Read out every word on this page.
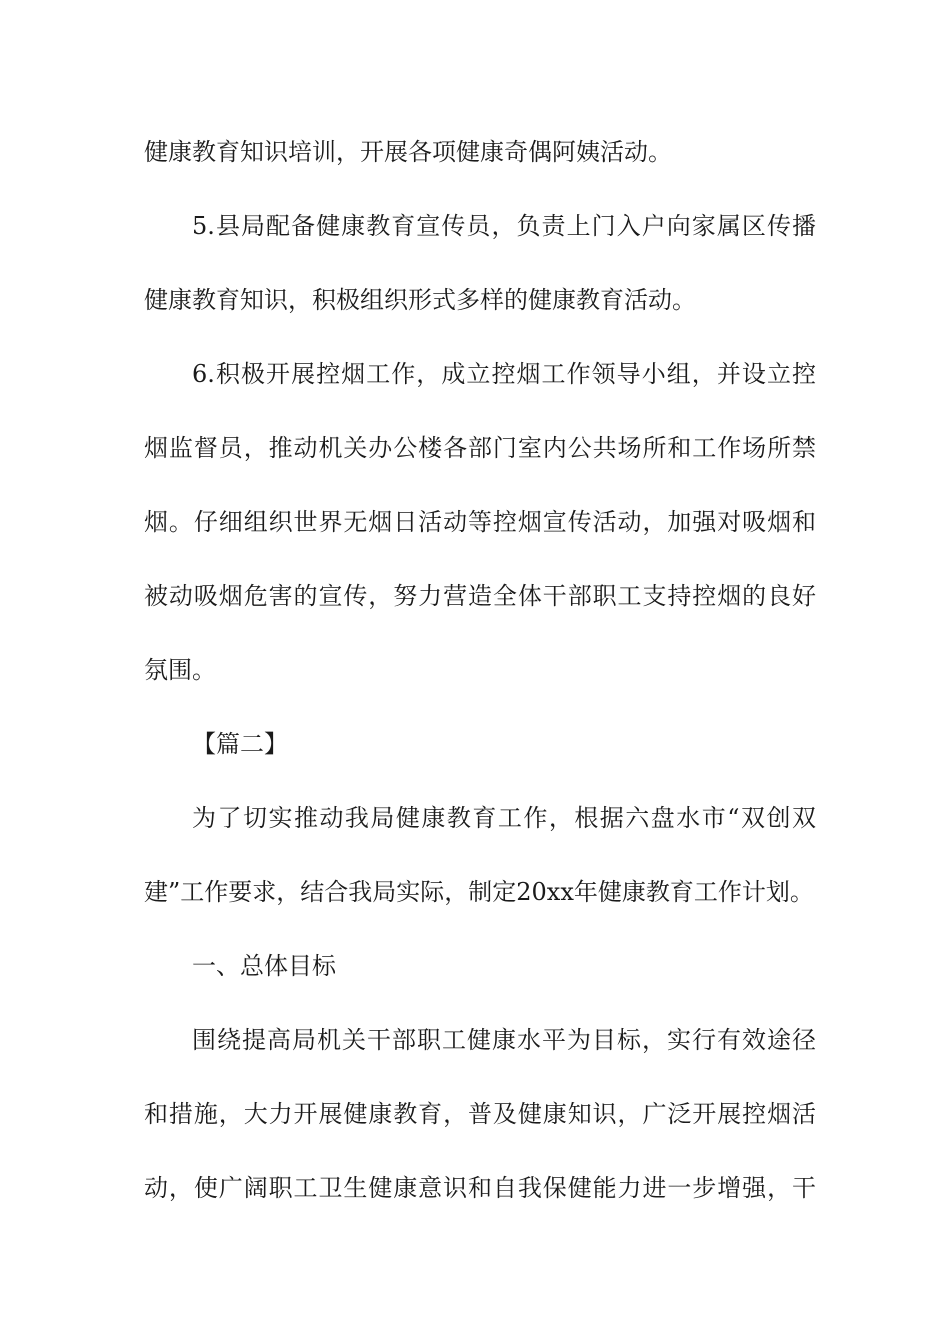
健康教育知识培训，开展各项健康奇偶阿姨活动。
5.县局配备健康教育宣传员，负责上门入户向家属区传播
健康教育知识，积极组织形式多样的健康教育活动。
6.积极开展控烟工作，成立控烟工作领导小组，并设立控
烟监督员，推动机关办公楼各部门室内公共场所和工作场所禁
烟。仔细组织世界无烟日活动等控烟宣传活动，加强对吸烟和
被动吸烟危害的宣传，努力营造全体干部职工支持控烟的良好
氛围。
【篇二】
为了切实推动我局健康教育工作，根据六盘水市“双创双
建”工作要求，结合我局实际，制定20xx年健康教育工作计划。
一、总体目标
围绕提高局机关干部职工健康水平为目标，实行有效途径
和措施，大力开展健康教育，普及健康知识，广泛开展控烟活
动，使广阔职工卫生健康意识和自我保健能力进一步增强，干
